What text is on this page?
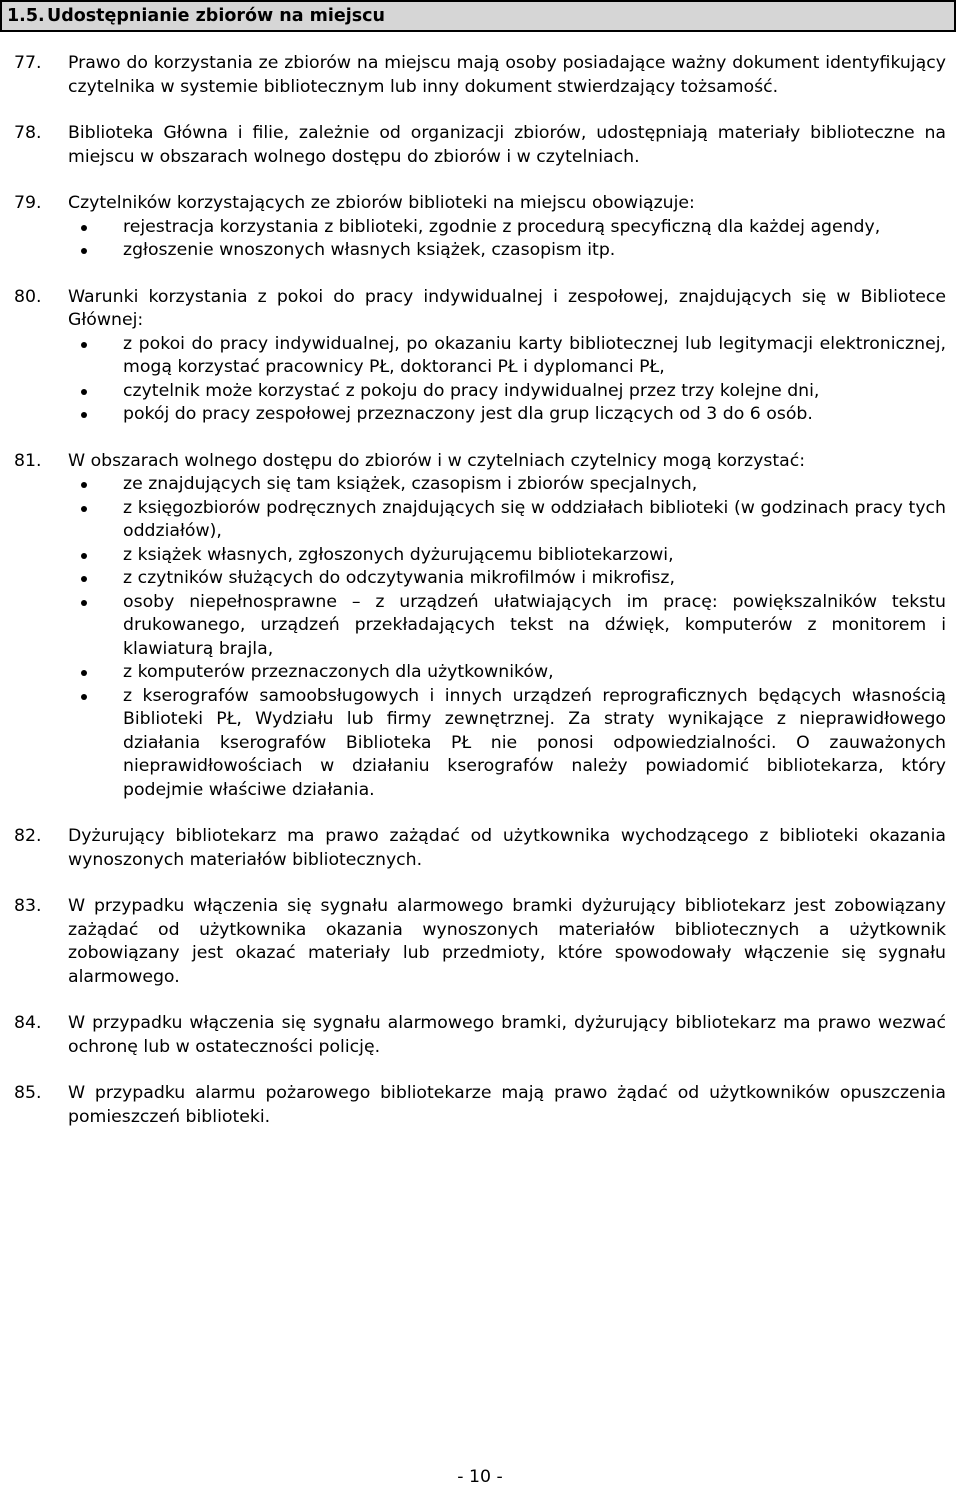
1.5. Udostępnianie zbiorów na miejscu
77. Prawo do korzystania ze zbiorów na miejscu mają osoby posiadające ważny dokument identyfikujący czytelnika w systemie bibliotecznym lub inny dokument stwierdzający tożsamość.
78. Biblioteka Główna i filie, zależnie od organizacji zbiorów, udostępniają materiały biblioteczne na miejscu w obszarach wolnego dostępu do zbiorów i w czytelniach.
79. Czytelników korzystających ze zbiorów biblioteki na miejscu obowiązuje:
rejestracja korzystania z biblioteki, zgodnie z procedurą specyficzną dla każdej agendy,
zgłoszenie wnoszonych własnych książek, czasopism itp.
80. Warunki korzystania z pokoi do pracy indywidualnej i zespołowej, znajdujących się w Bibliotece Głównej:
z pokoi do pracy indywidualnej, po okazaniu karty bibliotecznej lub legitymacji elektronicznej, mogą korzystać pracownicy PŁ, doktoranci PŁ i dyplomanci PŁ,
czytelnik może korzystać z pokoju do pracy indywidualnej przez trzy kolejne dni,
pokój do pracy zespołowej przeznaczony jest dla grup liczących od 3 do 6 osób.
81. W obszarach wolnego dostępu do zbiorów i w czytelniach czytelnicy mogą korzystać:
ze znajdujących się tam książek, czasopism i zbiorów specjalnych,
z księgozbiorów podręcznych znajdujących się w oddziałach biblioteki (w godzinach pracy tych oddziałów),
z książek własnych, zgłoszonych dyżurującemu bibliotekarzowi,
z czytników służących do odczytywania mikrofilmów i mikrofisz,
osoby niepełnosprawne – z urządzeń ułatwiających im pracę: powiększalników tekstu drukowanego, urządzeń przekładających tekst na dźwięk, komputerów z monitorem i klawiaturą brajla,
z komputerów przeznaczonych dla użytkowników,
z kserografów samoobsługowych i innych urządzeń reprograficznych będących własnością Biblioteki PŁ, Wydziału lub firmy zewnętrznej. Za straty wynikające z nieprawidłowego działania kserografów Biblioteka PŁ nie ponosi odpowiedzialności. O zauważonych nieprawidłowościach w działaniu kserografów należy powiadomić bibliotekarza, który podejmie właściwe działania.
82. Dyżurujący bibliotekarz ma prawo zażądać od użytkownika wychodzącego z biblioteki okazania wynoszonych materiałów bibliotecznych.
83. W przypadku włączenia się sygnału alarmowego bramki dyżurujący bibliotekarz jest zobowiązany zażądać od użytkownika okazania wynoszonych materiałów bibliotecznych a użytkownik zobowiązany jest okazać materiały lub przedmioty, które spowodowały włączenie się sygnału alarmowego.
84. W przypadku włączenia się sygnału alarmowego bramki, dyżurujący bibliotekarz ma prawo wezwać ochronę lub w ostateczności policję.
85. W przypadku alarmu pożarowego bibliotekarze mają prawo żądać od użytkowników opuszczenia pomieszczeń biblioteki.
- 10 -
